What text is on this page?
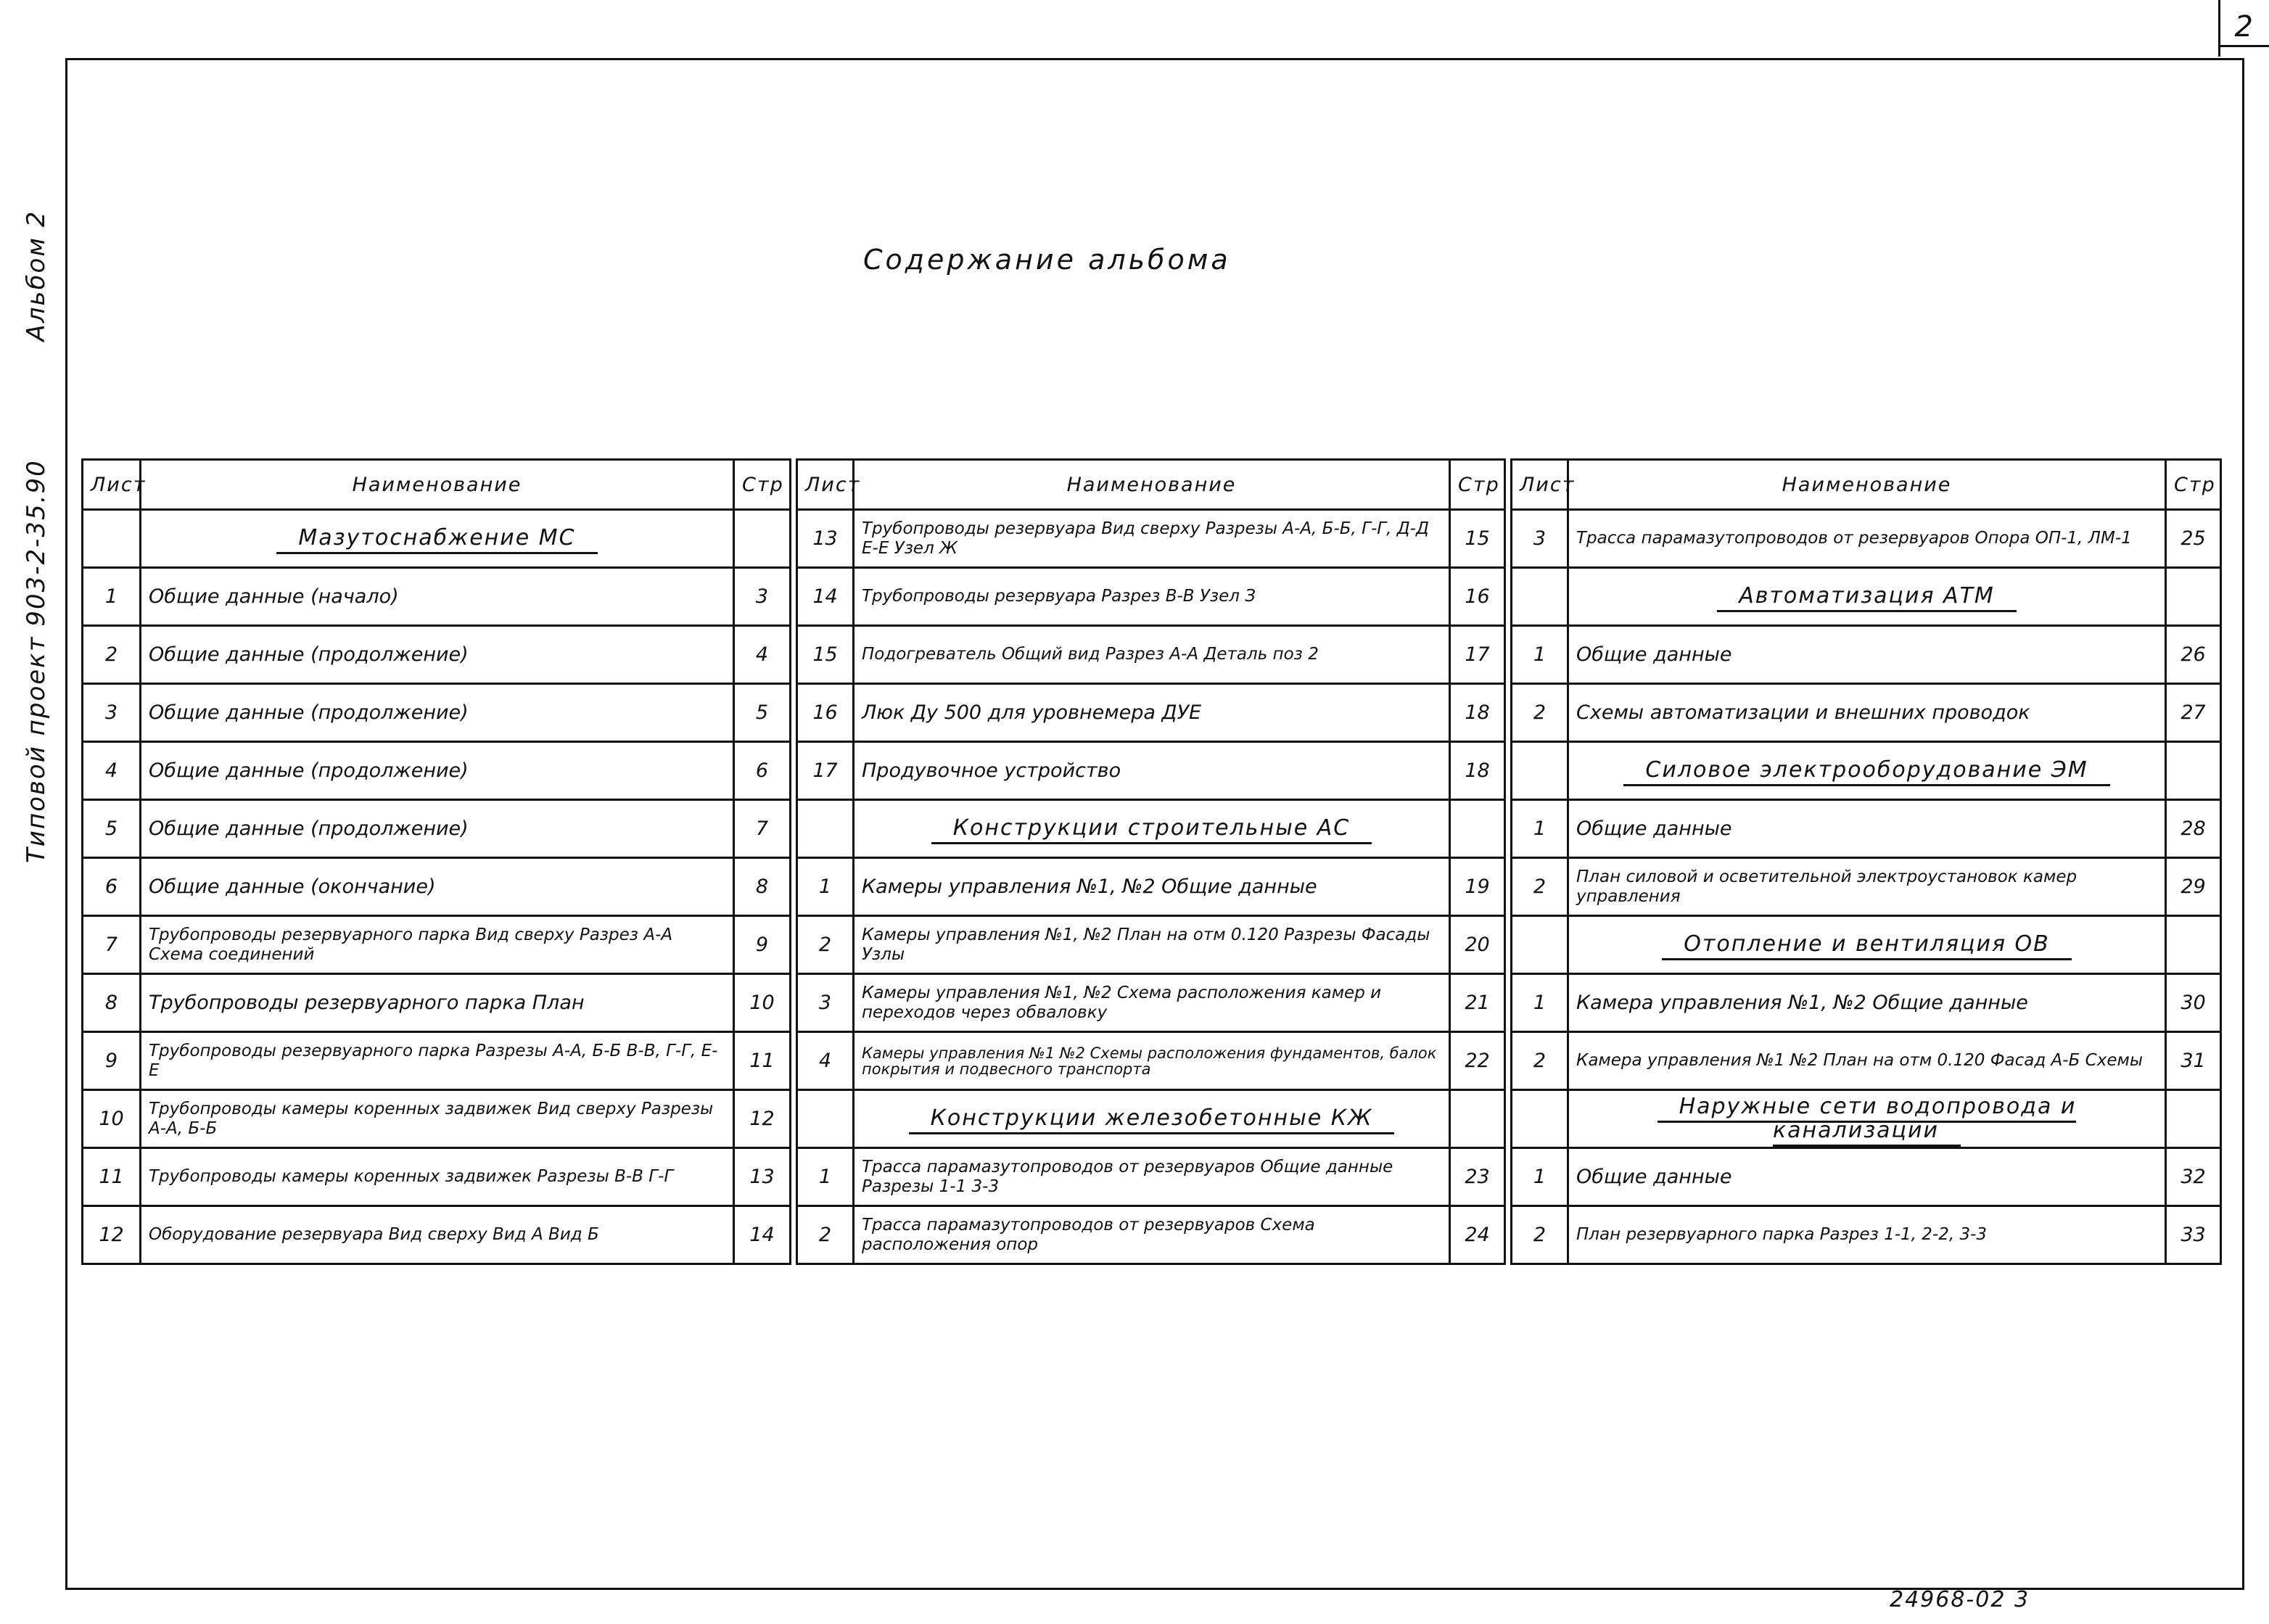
2
Типовой проект 903-2-35.90 Альбом 2	Содержание альбома
Лист	Наименование	Стр
	Мазутоснабжение МС	
1	Общие данные (начало)	3
2	Общие данные (продолжение)	4
3	Общие данные (продолжение)	5
4	Общие данные (продолжение)	6
5	Общие данные (продолжение)	7
6	Общие данные (окончание)	8
7	Трубопроводы резервуарного парка Вид сверху Разрез А-А Схема соединений	9
8	Трубопроводы резервуарного парка План	10
9	Трубопроводы резервуарного парка Разрезы А-А, Б-Б В-В, Г-Г, Е-Е	11
10	Трубопроводы камеры коренных задвижек Вид сверху Разрезы А-А, Б-Б	12
11	Трубопроводы камеры коренных задвижек Разрезы В-В Г-Г	13
12	Оборудование резервуара Вид сверху Вид А Вид Б	14
Лист	Наименование	Стр
13	Трубопроводы резервуара Вид сверху Разрезы А-А, Б-Б, Г-Г, Д-Д Е-Е Узел Ж	15
14	Трубопроводы резервуара Разрез В-В Узел З	16
15	Подогреватель Общий вид Разрез А-А Деталь поз 2	17
16	Люк Ду 500 для уровнемера ДУЕ	18
17	Продувочное устройство	18
	Конструкции строительные АС	
1	Камеры управления №1, №2 Общие данные	19
2	Камеры управления №1, №2 План на отм 0.120 Разрезы Фасады Узлы	20
3	Камеры управления №1, №2 Схема расположения камер и переходов через обваловку	21
4	Камеры управления №1 №2 Схемы расположения фундаментов, балок покрытия и подвесного транспорта	22
	Конструкции железобетонные КЖ	
1	Трасса парамазутопроводов от резервуаров Общие данные Разрезы 1-1 3-3	23
2	Трасса парамазутопроводов от резервуаров Схема расположения опор	24
Лист	Наименование	Стр
3	Трасса парамазутопроводов от резервуаров Опора ОП-1, ЛМ-1	25
	Автоматизация АТМ	
1	Общие данные	26
2	Схемы автоматизации и внешних проводок	27
	Силовое электрооборудование ЭМ	
1	Общие данные	28
2	План силовой и осветительной электроустановок камер управления	29
	Отопление и вентиляция ОВ	
1	Камера управления №1, №2 Общие данные	30
2	Камера управления №1 №2 План на отм 0.120 Фасад А-Б Схемы	31
	Наружные сети водопровода и канализации	
1	Общие данные	32
2	План резервуарного парка Разрез 1-1, 2-2, 3-3	33
24968-02 3
